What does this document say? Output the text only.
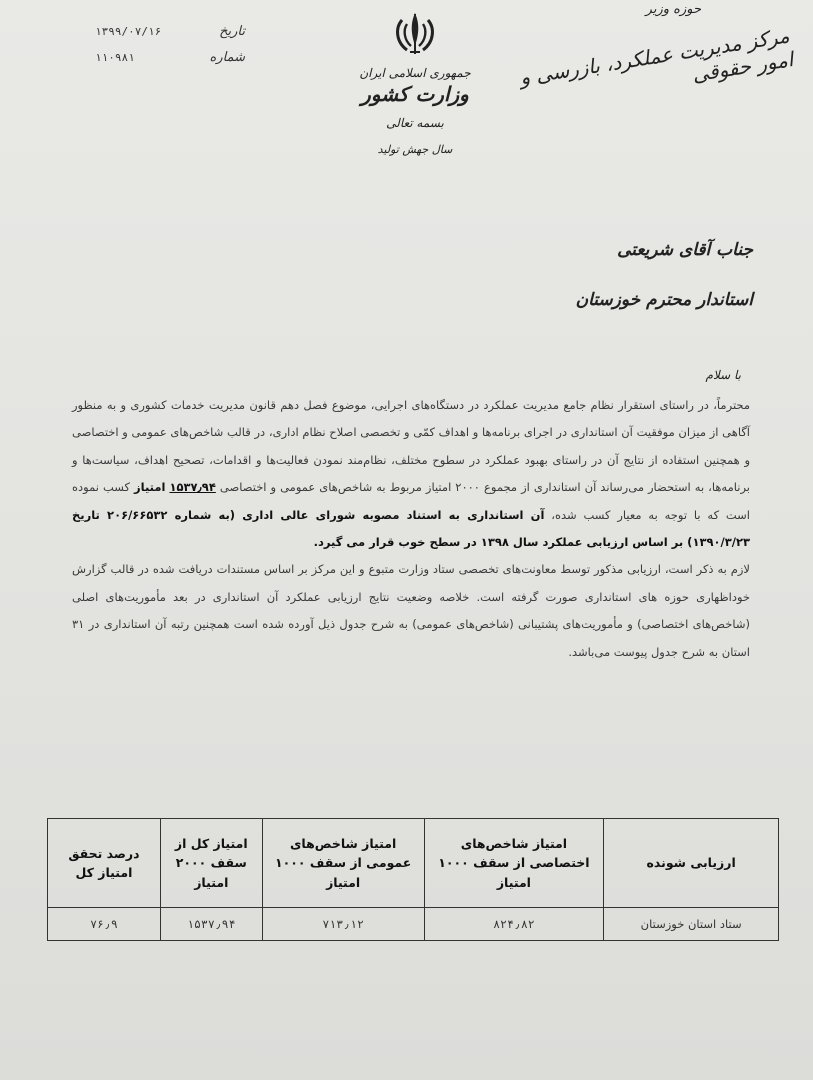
۱۳۹۹/۰۷/۱۶	تاریخ
۱۱۰۹۸۱	شماره
جمهوری اسلامی ایران
وزارت کشور
بسمه تعالی
سال جهش تولید
حوزه وزیر
مرکز مدیریت عملکرد، بازرسی و امور حقوقی
جناب آقای شریعتی
استاندار محترم خوزستان
با سلام

محترماً، در راستای استقرار نظام جامع مدیریت عملکرد در دستگاه‌های اجرایی، موضوع فصل دهم قانون مدیریت خدمات کشوری و به منظور آگاهی از میزان موفقیت آن استانداری در اجرای برنامه‌ها و اهداف کمّی و تخصصی اصلاح نظام اداری، در قالب شاخص‌های عمومی و اختصاصی و همچنین استفاده از نتایج آن در راستای بهبود عملکرد در سطوح مختلف، نظام‌مند نمودن فعالیت‌ها و اقدامات، تصحیح اهداف، سیاست‌ها و برنامه‌ها، به استحضار می‌رساند آن استانداری از مجموع ۲۰۰۰ امتیاز مربوط به شاخص‌های عمومی و اختصاصی ۱۵۳۷٫۹۴ امتیاز کسب نموده است که با توجه به معیار کسب شده، آن استانداری به استناد مصوبه شورای عالی اداری (به شماره ۲۰۶/۶۶۵۳۲ تاریخ ۱۳۹۰/۳/۲۳) بر اساس ارزیابی عملکرد سال ۱۳۹۸ در سطح خوب قرار می گیرد.

لازم به ذکر است، ارزیابی مذکور توسط معاونت‌های تخصصی ستاد وزارت متبوع و این مرکز بر اساس مستندات دریافت شده در قالب گزارش خوداظهاری حوزه های استانداری صورت گرفته است. خلاصه وضعیت نتایج ارزیابی عملکرد آن استانداری در بعد مأموریت‌های اصلی (شاخص‌های اختصاصی) و مأموریت‌های پشتیبانی (شاخص‌های عمومی) به شرح جدول ذیل آورده شده است همچنین رتبه آن استانداری در ۳۱ استان به شرح جدول پیوست می‌باشد.

ارزیابی شونده	امتیاز شاخص‌های اختصاصی از سقف ۱۰۰۰ امتیاز	امتیاز شاخص‌های عمومی از سقف ۱۰۰۰ امتیاز	امتیاز کل از سقف ۲۰۰۰ امتیاز	درصد تحقق امتیاز کل
ستاد استان خوزستان	۸۲۴٫۸۲	۷۱۳٫۱۲	۱۵۳۷٫۹۴	۷۶٫۹
